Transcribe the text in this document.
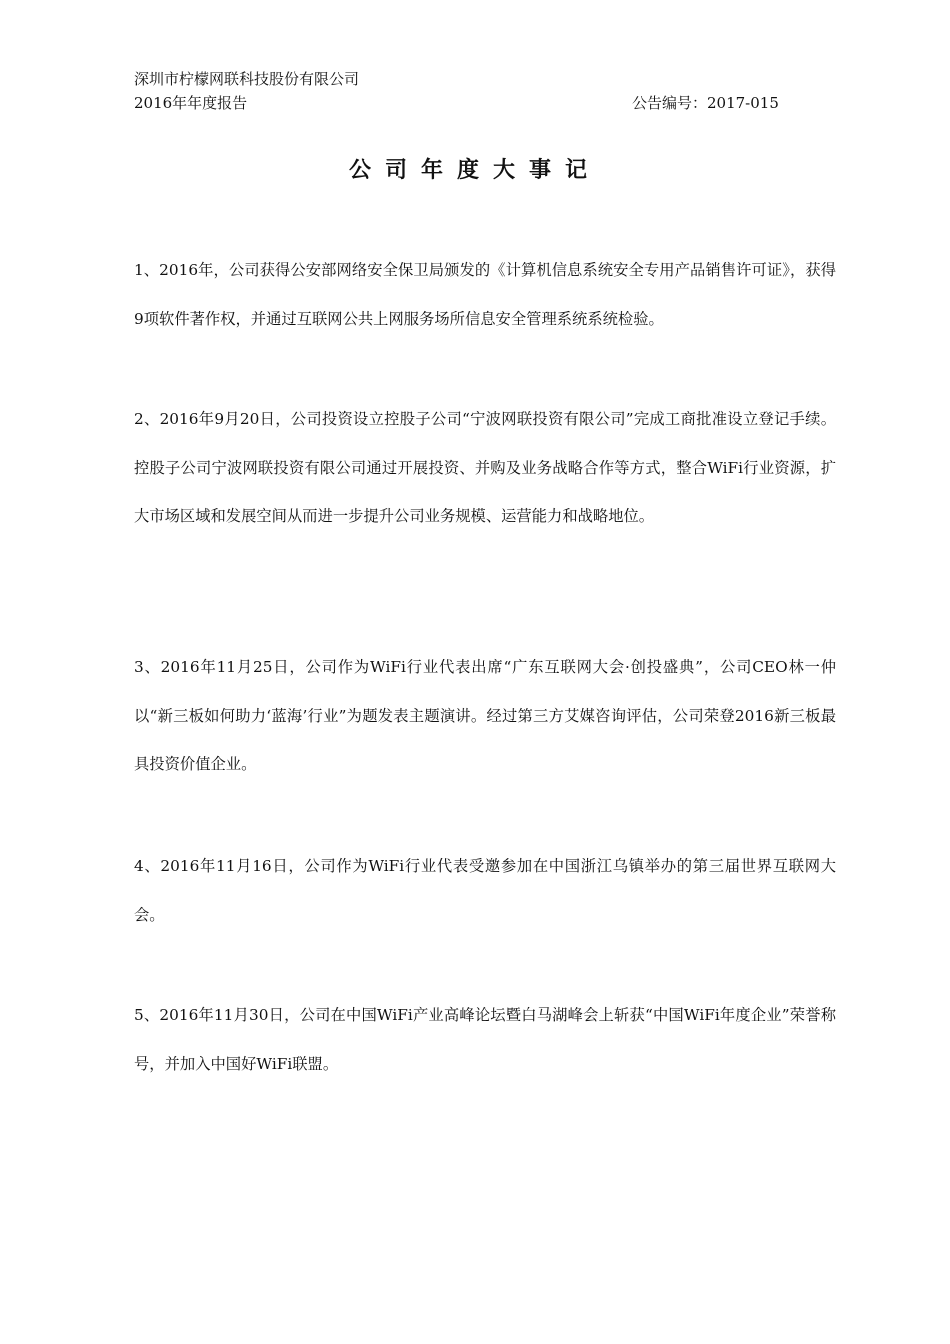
深圳市柠檬网联科技股份有限公司
2016年年度报告	公告编号：2017-015
公司年度大事记

1、2016年，公司获得公安部网络安全保卫局颁发的《计算机信息系统安全专用产品销售许可证》，获得9项软件著作权，并通过互联网公共上网服务场所信息安全管理系统系统检验。

2、2016年9月20日，公司投资设立控股子公司“宁波网联投资有限公司”完成工商批准设立登记手续。控股子公司宁波网联投资有限公司通过开展投资、并购及业务战略合作等方式，整合WiFi行业资源，扩大市场区域和发展空间从而进一步提升公司业务规模、运营能力和战略地位。

3、2016年11月25日，公司作为WiFi行业代表出席“广东互联网大会·创投盛典”，公司CEO林一仲以“新三板如何助力‘蓝海’行业”为题发表主题演讲。经过第三方艾媒咨询评估，公司荣登2016新三板最具投资价值企业。

4、2016年11月16日，公司作为WiFi行业代表受邀参加在中国浙江乌镇举办的第三届世界互联网大会。

5、2016年11月30日，公司在中国WiFi产业高峰论坛暨白马湖峰会上斩获“中国WiFi年度企业”荣誉称号，并加入中国好WiFi联盟。
